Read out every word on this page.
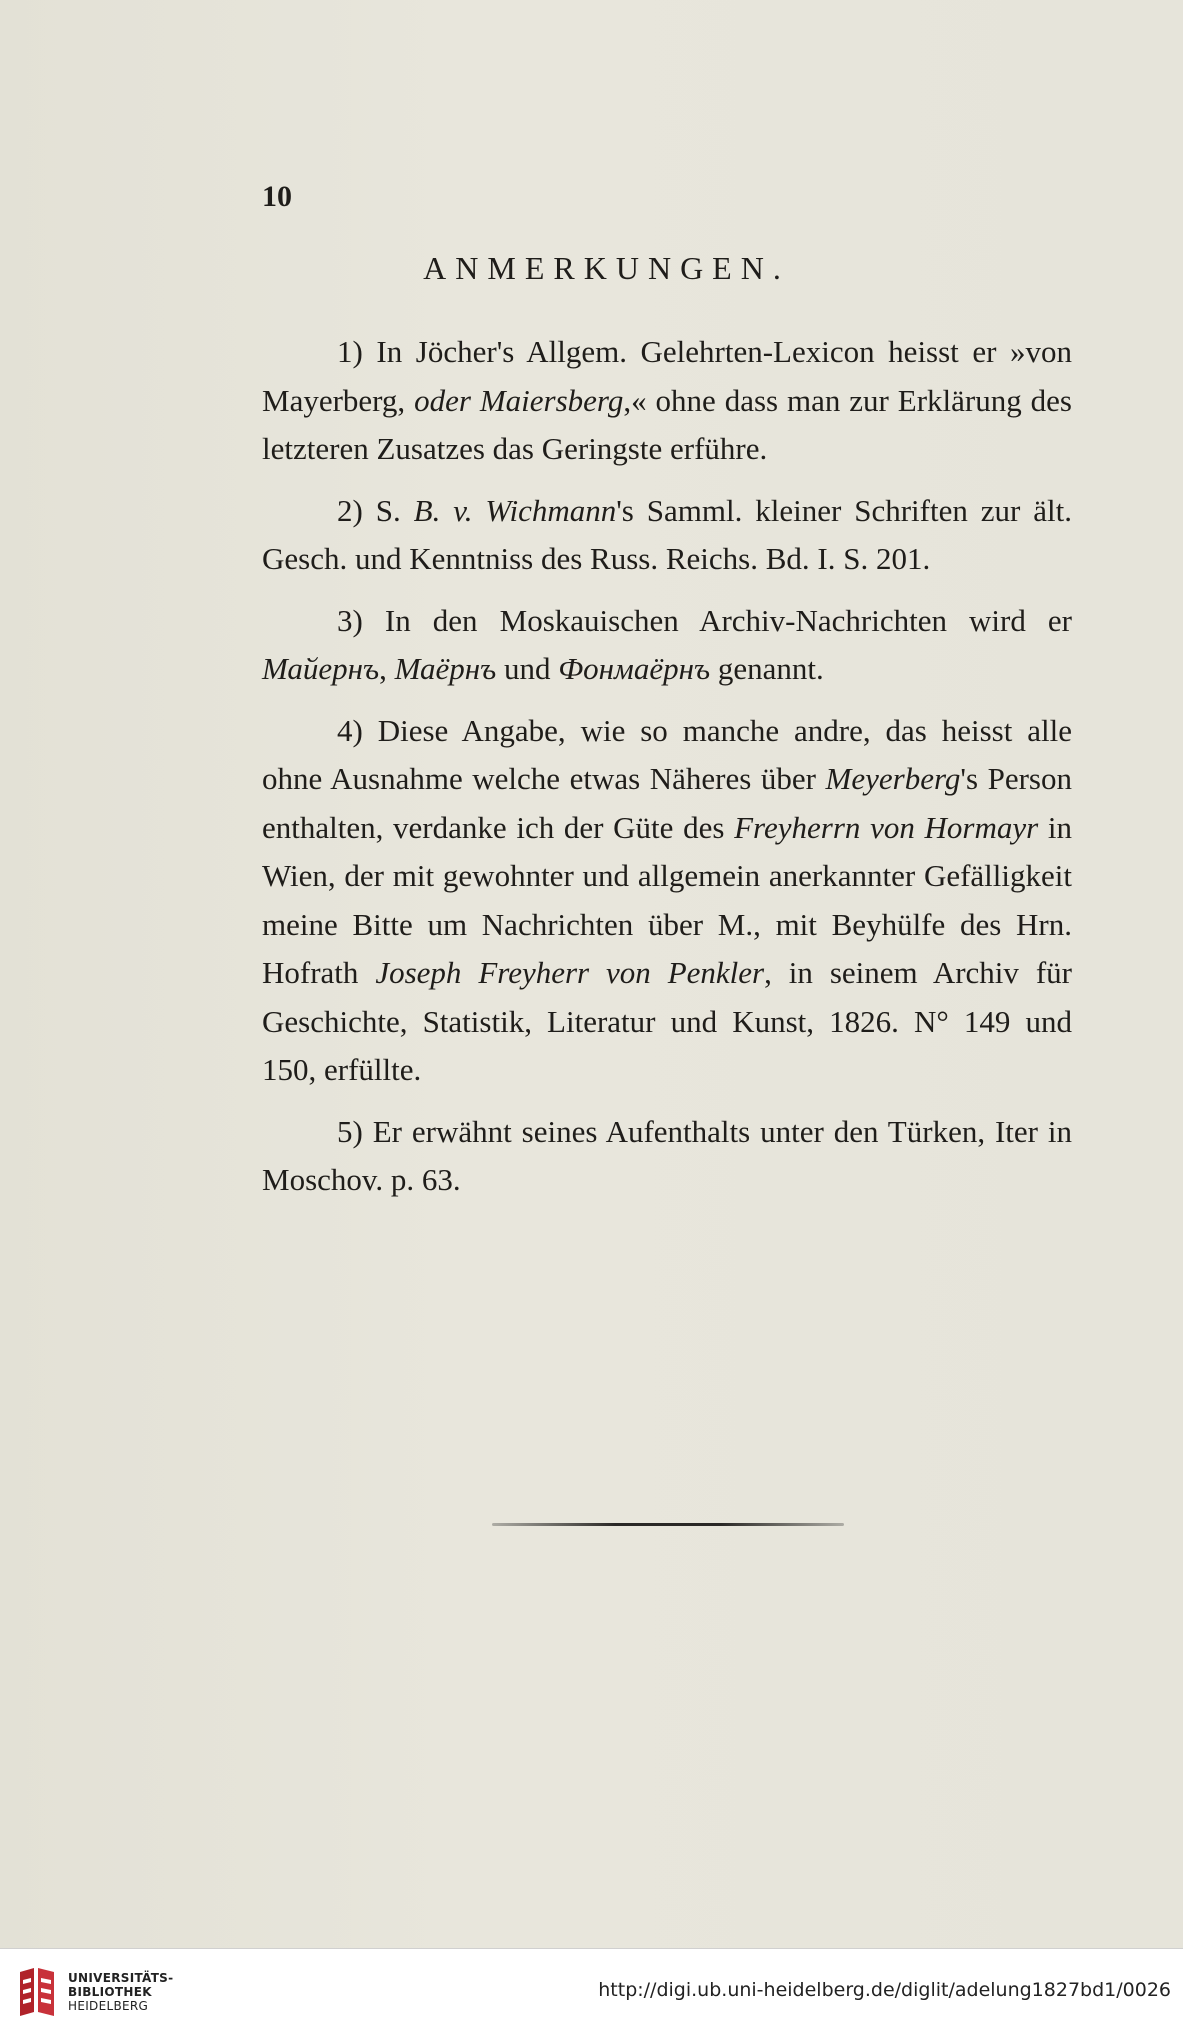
10
ANMERKUNGEN.

1) In Jöcher's Allgem. Gelehrten-Lexicon heisst er »von Mayerberg, oder Maiersberg,« ohne dass man zur Erklärung des letzteren Zusatzes das Geringste erführe.

2) S. B. v. Wichmann's Samml. kleiner Schriften zur ält. Gesch. und Kenntniss des Russ. Reichs. Bd. I. S. 201.

3) In den Moskauischen Archiv-Nachrichten wird er Майернъ, Маёрнъ und Фонмаёрнъ genannt.

4) Diese Angabe, wie so manche andre, das heisst alle ohne Ausnahme welche etwas Näheres über Meyerberg's Person enthalten, verdanke ich der Güte des Freyherrn von Hormayr in Wien, der mit gewohnter und allgemein anerkannter Gefälligkeit meine Bitte um Nachrichten über M., mit Beyhülfe des Hrn. Hofrath Joseph Freyherr von Penkler, in seinem Archiv für Geschichte, Statistik, Literatur und Kunst, 1826. N° 149 und 150, erfüllte.

5) Er erwähnt seines Aufenthalts unter den Türken, Iter in Moschov. p. 63.

UNIVERSITÄTS-
BIBLIOTHEK
HEIDELBERG
http://digi.ub.uni-heidelberg.de/diglit/adelung1827bd1/0026
